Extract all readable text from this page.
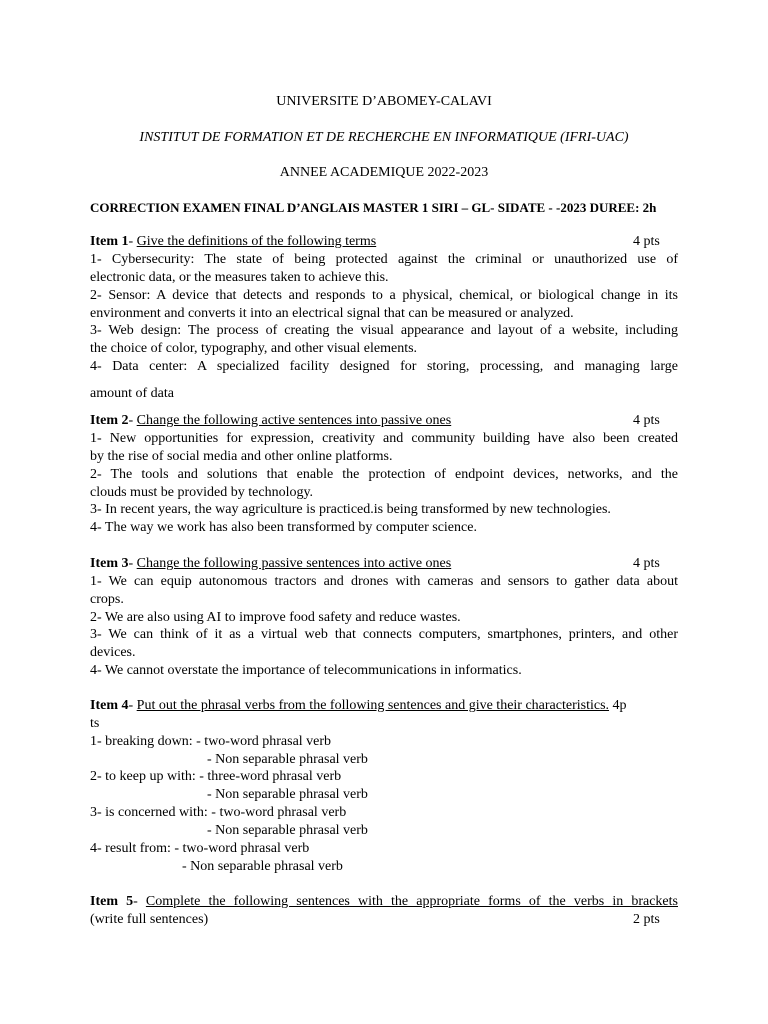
UNIVERSITE D’ABOMEY-CALAVI
INSTITUT DE FORMATION ET DE RECHERCHE EN INFORMATIQUE (IFRI-UAC)
ANNEE ACADEMIQUE 2022-2023
CORRECTION EXAMEN FINAL D’ANGLAIS MASTER 1 SIRI – GL- SIDATE - -2023 DUREE: 2h
Item 1- Give the definitions of the following terms	4 pts
1- Cybersecurity: The state of being protected against the criminal or unauthorized use of
electronic data, or the measures taken to achieve this.
2- Sensor: A device that detects and responds to a physical, chemical, or biological change in its
environment and converts it into an electrical signal that can be measured or analyzed.
3- Web design: The process of creating the visual appearance and layout of a website, including
the choice of color, typography, and other visual elements.
4- Data center: A specialized facility designed for storing, processing, and managing large
amount of data
Item 2- Change the following active sentences into passive ones	4 pts
1- New opportunities for expression, creativity and community building have also been created
by the rise of social media and other online platforms.
2- The tools and solutions that enable the protection of endpoint devices, networks, and the
clouds must be provided by technology.
3- In recent years, the way agriculture is practiced.is being transformed by new technologies.
4- The way we work has also been transformed by computer science.
Item 3- Change the following passive sentences into active ones	4 pts
1- We can equip autonomous tractors and drones with cameras and sensors to gather data about
crops.
2- We are also using AI to improve food safety and reduce wastes.
3- We can think of it as a virtual web that connects computers, smartphones, printers, and other
devices.
4- We cannot overstate the importance of telecommunications in informatics.
Item 4- Put out the phrasal verbs from the following sentences and give their characteristics. 4p
ts
1- breaking down: - two-word phrasal verb
- Non separable phrasal verb
2- to keep up with: - three-word phrasal verb
- Non separable phrasal verb
3- is concerned with: - two-word phrasal verb
- Non separable phrasal verb
4- result from: - two-word phrasal verb
- Non separable phrasal verb
Item 5- Complete the following sentences with the appropriate forms of the verbs in brackets
(write full sentences)	2 pts
